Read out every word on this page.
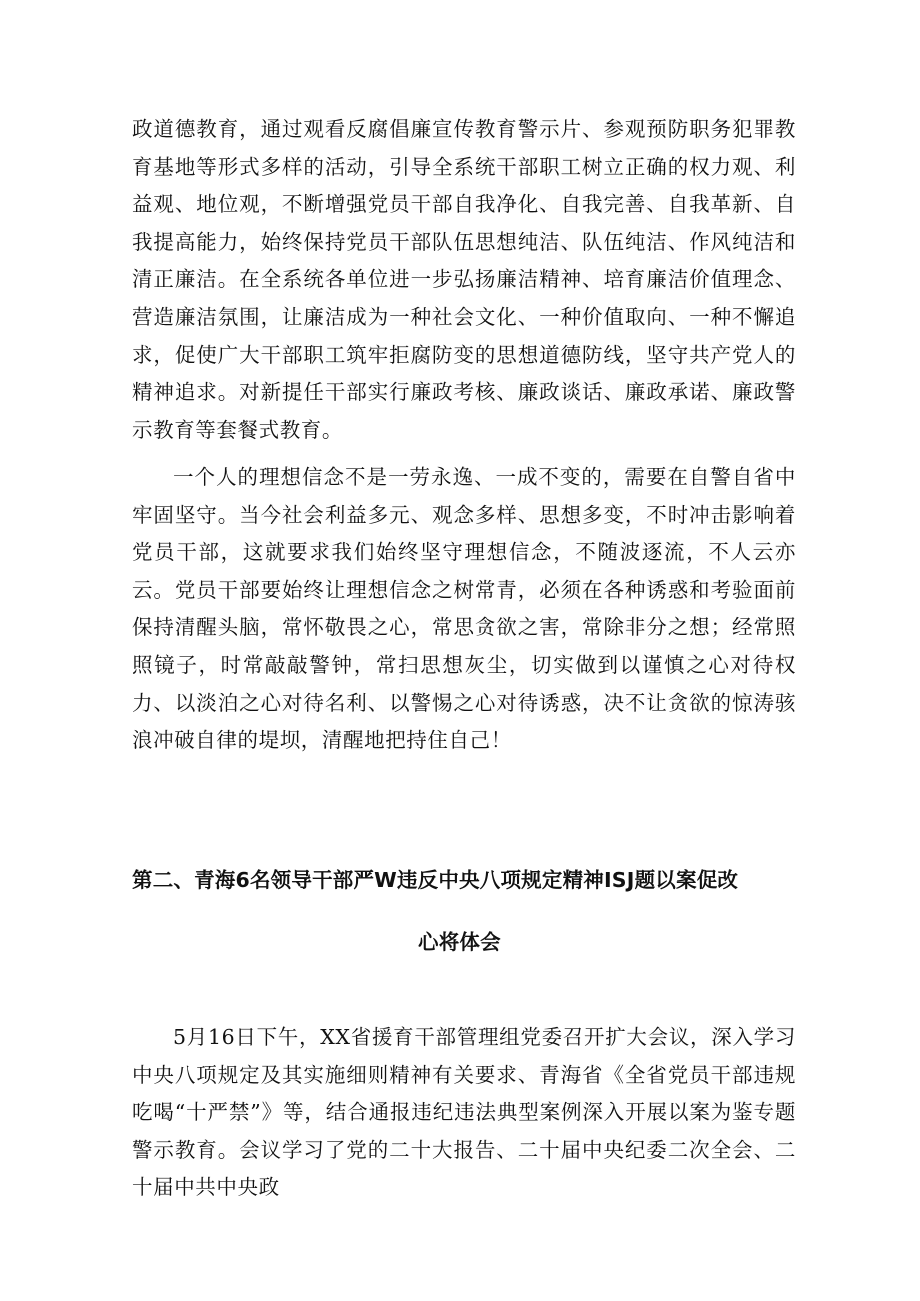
政道德教育，通过观看反腐倡廉宣传教育警示片、参观预防职务犯罪教育基地等形式多样的活动，引导全系统干部职工树立正确的权力观、利益观、地位观，不断增强党员干部自我净化、自我完善、自我革新、自我提高能力，始终保持党员干部队伍思想纯洁、队伍纯洁、作风纯洁和清正廉洁。在全系统各单位进一步弘扬廉洁精神、培育廉洁价值理念、营造廉洁氛围，让廉洁成为一种社会文化、一种价值取向、一种不懈追求，促使广大干部职工筑牢拒腐防变的思想道德防线，坚守共产党人的精神追求。对新提任干部实行廉政考核、廉政谈话、廉政承诺、廉政警示教育等套餐式教育。

一个人的理想信念不是一劳永逸、一成不变的，需要在自警自省中牢固坚守。当今社会利益多元、观念多样、思想多变，不时冲击影响着党员干部，这就要求我们始终坚守理想信念，不随波逐流，不人云亦云。党员干部要始终让理想信念之树常青，必须在各种诱惑和考验面前保持清醒头脑，常怀敬畏之心，常思贪欲之害，常除非分之想；经常照照镜子，时常敲敲警钟，常扫思想灰尘，切实做到以谨慎之心对待权力、以淡泊之心对待名利、以警惕之心对待诱惑，决不让贪欲的惊涛骇浪冲破自律的堤坝，清醒地把持住自己！

第二、青海6名领导干部严W违反中央八项规定精神ISJ题以案促改
心将体会

5月16日下午，XX省援育干部管理组党委召开扩大会议，深入学习中央八项规定及其实施细则精神有关要求、青海省《全省党员干部违规吃喝“十严禁”》等，结合通报违纪违法典型案例深入开展以案为鉴专题警示教育。会议学习了党的二十大报告、二十届中央纪委二次全会、二十届中共中央政
